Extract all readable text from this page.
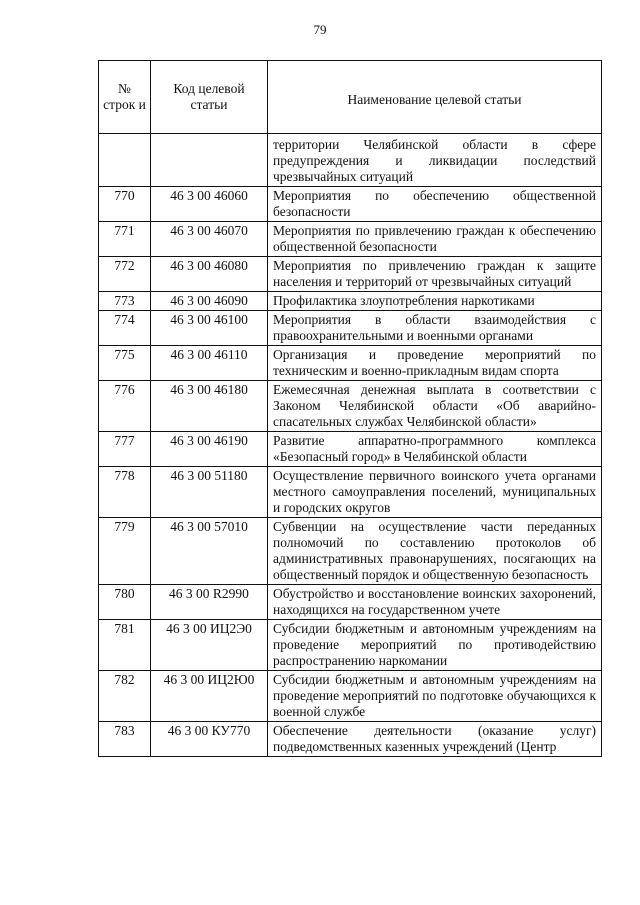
79
№ строк и	Код целевой статьи	Наименование целевой статьи
		территории Челябинской области в сфере предупреждения и ликвидации последствий чрезвычайных ситуаций
770	46 3 00 46060	Мероприятия по обеспечению общественной безопасности
771	46 3 00 46070	Мероприятия по привлечению граждан к обеспечению общественной безопасности
772	46 3 00 46080	Мероприятия по привлечению граждан к защите населения и территорий от чрезвычайных ситуаций
773	46 3 00 46090	Профилактика злоупотребления наркотиками
774	46 3 00 46100	Мероприятия в области взаимодействия с правоохранительными и военными органами
775	46 3 00 46110	Организация и проведение мероприятий по техническим и военно-прикладным видам спорта
776	46 3 00 46180	Ежемесячная денежная выплата в соответствии с Законом Челябинской области «Об аварийно-спасательных службах Челябинской области»
777	46 3 00 46190	Развитие аппаратно-программного комплекса «Безопасный город» в Челябинской области
778	46 3 00 51180	Осуществление первичного воинского учета органами местного самоуправления поселений, муниципальных и городских округов
779	46 3 00 57010	Субвенции на осуществление части переданных полномочий по составлению протоколов об административных правонарушениях, посягающих на общественный порядок и общественную безопасность
780	46 3 00 R2990	Обустройство и восстановление воинских захоронений, находящихся на государственном учете
781	46 3 00 ИЦ2Э0	Субсидии бюджетным и автономным учреждениям на проведение мероприятий по противодействию распространению наркомании
782	46 3 00 ИЦ2Ю0	Субсидии бюджетным и автономным учреждениям на проведение мероприятий по подготовке обучающихся к военной службе
783	46 3 00 КУ770	Обеспечение деятельности (оказание услуг) подведомственных казенных учреждений (Центр
